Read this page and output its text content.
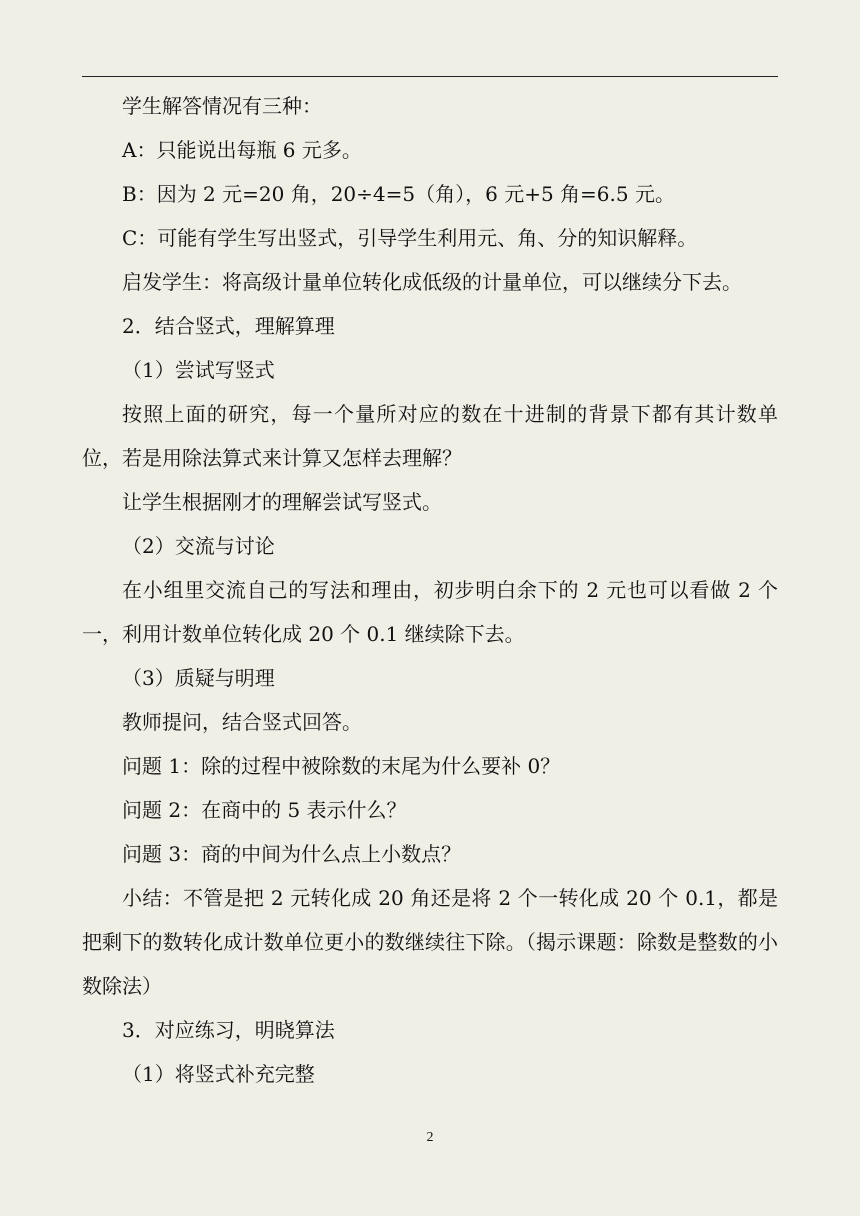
学生解答情况有三种：

A：只能说出每瓶 6 元多。

B：因为 2 元=20 角，20÷4=5（角），6 元+5 角=6.5 元。

C：可能有学生写出竖式，引导学生利用元、角、分的知识解释。

启发学生：将高级计量单位转化成低级的计量单位，可以继续分下去。

2．结合竖式，理解算理

（1）尝试写竖式

按照上面的研究，每一个量所对应的数在十进制的背景下都有其计数单位，若是用除法算式来计算又怎样去理解？

让学生根据刚才的理解尝试写竖式。

（2）交流与讨论

在小组里交流自己的写法和理由，初步明白余下的 2 元也可以看做 2 个一，利用计数单位转化成 20 个 0.1 继续除下去。

（3）质疑与明理

教师提问，结合竖式回答。

问题 1：除的过程中被除数的末尾为什么要补 0？

问题 2：在商中的 5 表示什么？

问题 3：商的中间为什么点上小数点？

小结：不管是把 2 元转化成 20 角还是将 2 个一转化成 20 个 0.1，都是把剩下的数转化成计数单位更小的数继续往下除。（揭示课题：除数是整数的小数除法）

3．对应练习，明晓算法

（1）将竖式补充完整

2
